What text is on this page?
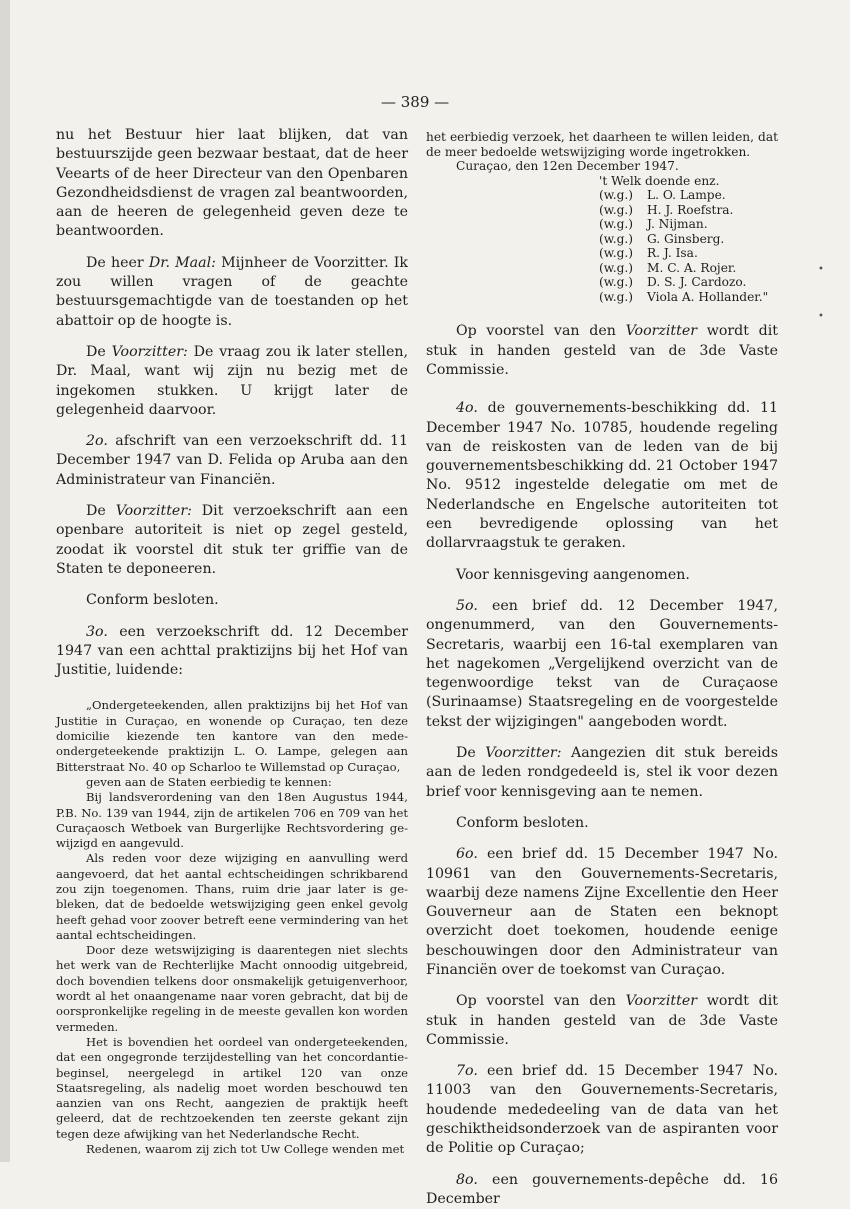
— 389 —

nu het Bestuur hier laat blijken, dat van bestuurszijde geen bezwaar bestaat, dat de heer Veearts of de heer Directeur van den Openbaren Gezondheidsdienst de vragen zal beantwoorden, aan de heeren de gelegenheid geven deze te beantwoorden.

De heer Dr. Maal: Mijnheer de Voorzitter. Ik zou willen vragen of de geachte bestuursgemachtigde van de toestanden op het abattoir op de hoogte is.

De Voorzitter: De vraag zou ik later stellen, Dr. Maal, want wij zijn nu bezig met de ingekomen stukken. U krijgt later de gelegenheid daarvoor.

2o. afschrift van een verzoekschrift dd. 11 December 1947 van D. Felida op Aruba aan den Administrateur van Financiën.

De Voorzitter: Dit verzoekschrift aan een openbare autoriteit is niet op zegel gesteld, zoodat ik voorstel dit stuk ter griffie van de Staten te deponeeren.

Conform besloten.

3o. een verzoekschrift dd. 12 December 1947 van een achttal praktizijns bij het Hof van Justitie, luidende:

„Ondergeteekenden, allen praktizijns bij het Hof van Justitie in Curaçao, en wonende op Curaçao, ten deze domicilie kiezende ten kantore van den mede-ondergeteekende praktizijn L. O. Lampe, gelegen aan Bitterstraat No. 40 op Scharloo te Willemstad op Curaçao,

geven aan de Staten eerbiedig te kennen:

Bij landsverordening van den 18en Augustus 1944, P.B. No. 139 van 1944, zijn de artikelen 706 en 709 van het Curaçaosch Wetboek van Burgerlijke Rechtsvordering gewijzigd en aangevuld.

Als reden voor deze wijziging en aanvulling werd aangevoerd, dat het aantal echtscheidingen schrikbarend zou zijn toegenomen. Thans, ruim drie jaar later is gebleken, dat de bedoelde wetswijziging geen enkel gevolg heeft gehad voor zoover betreft eene vermindering van het aantal echtscheidingen.

Door deze wetswijziging is daarentegen niet slechts het werk van de Rechterlijke Macht onnoodig uitgebreid, doch bovendien telkens door onsmakelijk getuigenverhoor, wordt al het onaangename naar voren gebracht, dat bij de oorspronkelijke regeling in de meeste gevallen kon worden vermeden.

Het is bovendien het oordeel van ondergeteekenden, dat een ongegronde terzijdestelling van het concordantiebeginsel, neergelegd in artikel 120 van onze Staatsregeling, als nadelig moet worden beschouwd ten aanzien van ons Recht, aangezien de praktijk heeft geleerd, dat de rechtzoekenden ten zeerste gekant zijn tegen deze afwijking van het Nederlandsche Recht.

Redenen, waarom zij zich tot Uw College wenden met

het eerbiedig verzoek, het daarheen te willen leiden, dat de meer bedoelde wetswijziging worde ingetrokken.

Curaçao, den 12en December 1947.

't Welk doende enz.

(w.g.)	L. O. Lampe.
(w.g.)	H. J. Roefstra.
(w.g.)	J. Nijman.
(w.g.)	G. Ginsberg.
(w.g.)	R. J. Isa.
(w.g.)	M. C. A. Rojer.
(w.g.)	D. S. J. Cardozo.
(w.g.)	Viola A. Hollander."

Op voorstel van den Voorzitter wordt dit stuk in handen gesteld van de 3de Vaste Commissie.

4o. de gouvernements-beschikking dd. 11 December 1947 No. 10785, houdende regeling van de reiskosten van de leden van de bij gouvernementsbeschikking dd. 21 October 1947 No. 9512 ingestelde delegatie om met de Nederlandsche en Engelsche autoriteiten tot een bevredigende oplossing van het dollarvraagstuk te geraken.

Voor kennisgeving aangenomen.

5o. een brief dd. 12 December 1947, ongenummerd, van den Gouvernements-Secretaris, waarbij een 16-tal exemplaren van het nagekomen „Vergelijkend overzicht van de tegenwoordige tekst van de Curaçaose (Surinaamse) Staatsregeling en de voorgestelde tekst der wijzigingen" aangeboden wordt.

De Voorzitter: Aangezien dit stuk bereids aan de leden rondgedeeld is, stel ik voor dezen brief voor kennisgeving aan te nemen.

Conform besloten.

6o. een brief dd. 15 December 1947 No. 10961 van den Gouvernements-Secretaris, waarbij deze namens Zijne Excellentie den Heer Gouverneur aan de Staten een beknopt overzicht doet toekomen, houdende eenige beschouwingen door den Administrateur van Financiën over de toekomst van Curaçao.

Op voorstel van den Voorzitter wordt dit stuk in handen gesteld van de 3de Vaste Commissie.

7o. een brief dd. 15 December 1947 No. 11003 van den Gouvernements-Secretaris, houdende mededeeling van de data van het geschiktheidsonderzoek van de aspiranten voor de Politie op Curaçao;

8o. een gouvernements-depêche dd. 16 December

•
•
